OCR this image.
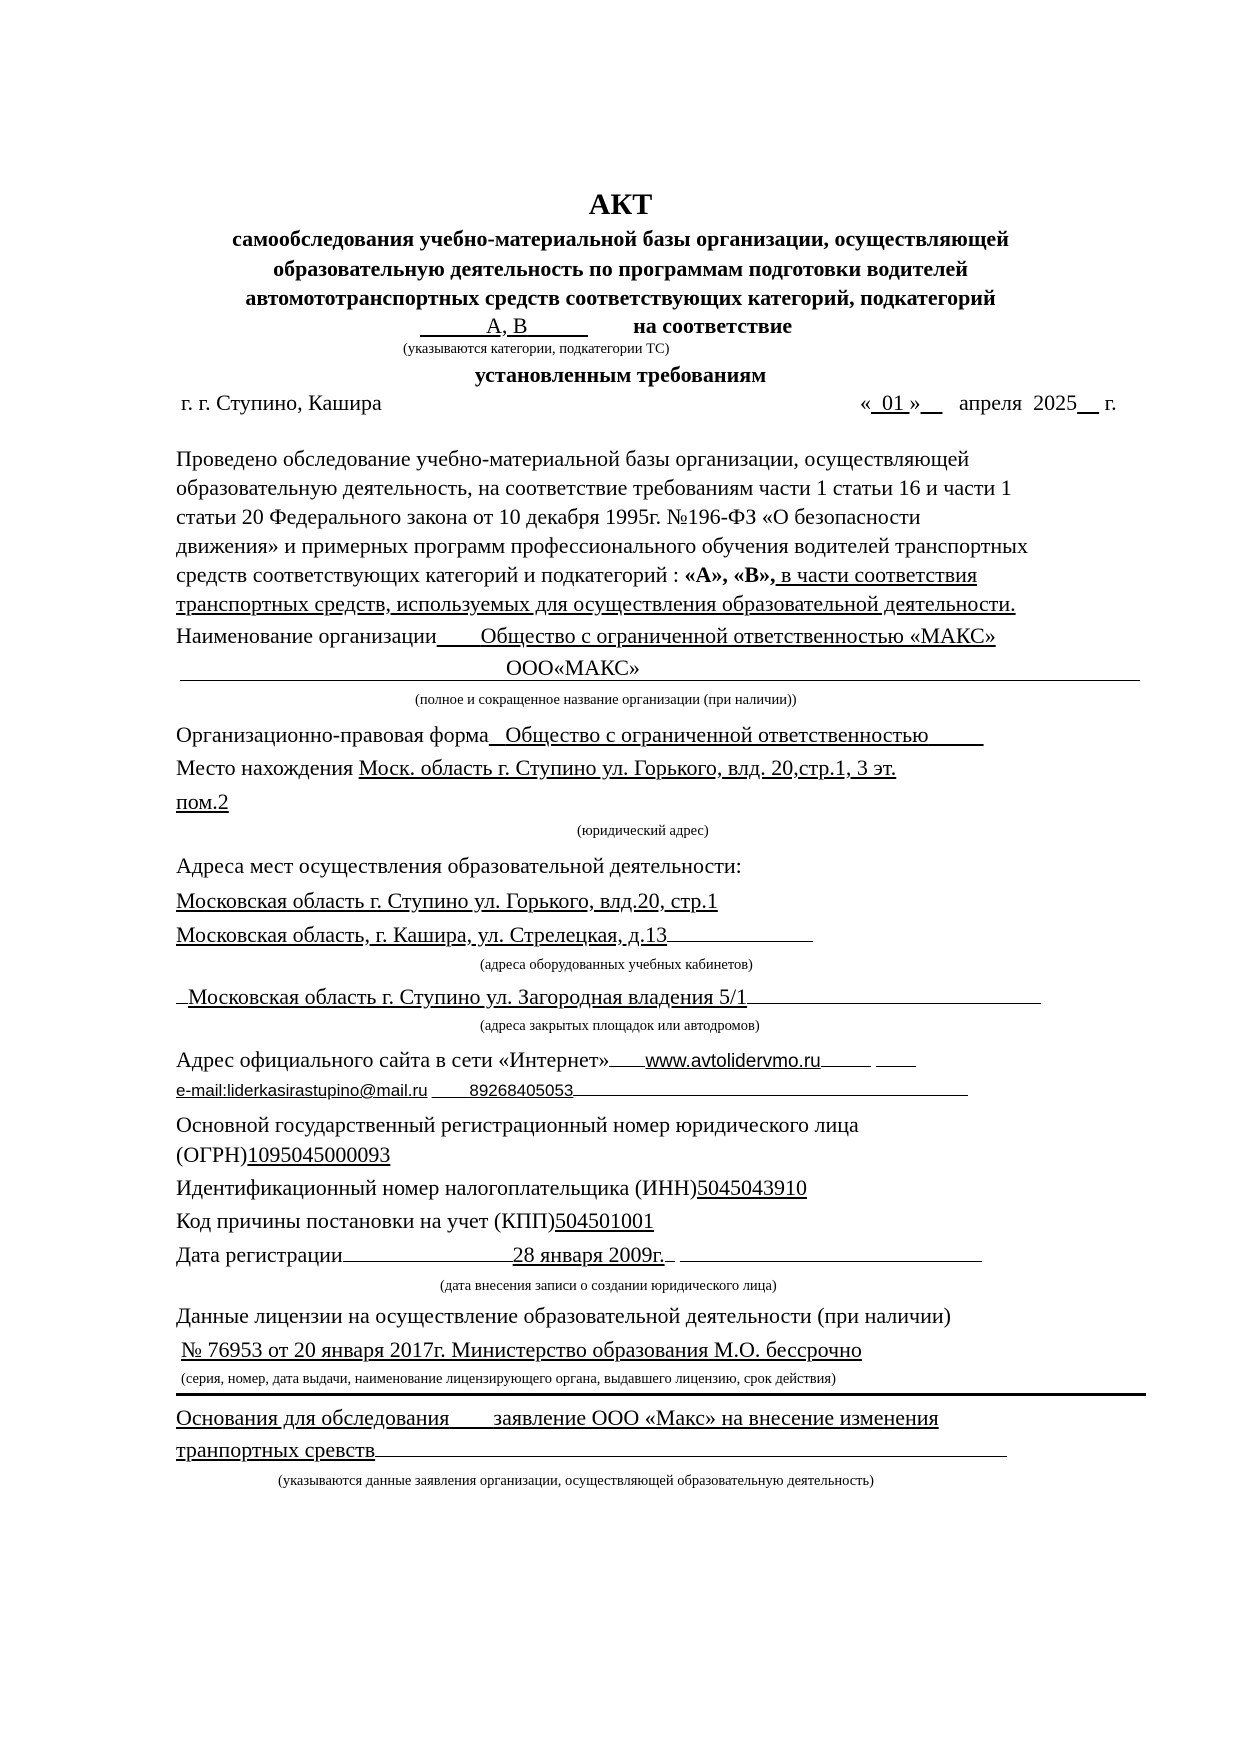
АКТ
самообследования учебно-материальной базы организации, осуществляющей
образовательную деятельность по программам подготовки водителей
автомототранспортных средств соответствующих категорий, подкатегорий
А, В	на соответствие
(указываются категории, подкатегории ТС)
установленным требованиям
г. г. Ступино, Кашира	« 01 » апреля 2025 г.
Проведено обследование учебно-материальной базы организации, осуществляющей
образовательную деятельность, на соответствие требованиям части 1 статьи 16 и части 1
статьи 20 Федерального закона от 10 декабря 1995г. №196-ФЗ «О безопасности
движения» и примерных программ профессионального обучения водителей транспортных
средств соответствующих категорий и подкатегорий : «А», «В», в части соответствия
транспортных средств, используемых для осуществления образовательной деятельности.
Наименование организации Общество с ограниченной ответственностью «МАКС»
ООО«МАКС»
(полное и сокращенное название организации (при наличии))
Организационно-правовая форма Общество с ограниченной ответственностью
Место нахождения Моск. область г. Ступино ул. Горького, влд. 20,стр.1, 3 эт.
пом.2
(юридический адрес)
Адреса мест осуществления образовательной деятельности:
Московская область г. Ступино ул. Горького, влд.20, стр.1
Московская область, г. Кашира, ул. Стрелецкая, д.13
(адреса оборудованных учебных кабинетов)
Московская область г. Ступино ул. Загородная владения 5/1
(адреса закрытых площадок или автодромов)
Адрес официального сайта в сети «Интернет» www.avtolidervmo.ru
e-mail:liderkasirastupino@mail.ru 89268405053
Основной государственный регистрационный номер юридического лица
(ОГРН)1095045000093
Идентификационный номер налогоплательщика (ИНН)5045043910
Код причины постановки на учет (КПП)504501001
Дата регистрации	28 января 2009г.
(дата внесения записи о создании юридического лица)
Данные лицензии на осуществление образовательной деятельности (при наличии)
№ 76953 от 20 января 2017г. Министерство образования М.О. бессрочно
(серия, номер, дата выдачи, наименование лицензирующего органа, выдавшего лицензию, срок действия)
Основания для обследования заявление ООО «Макс» на внесение изменения
транпортных сревств
(указываются данные заявления организации, осуществляющей образовательную деятельность)
